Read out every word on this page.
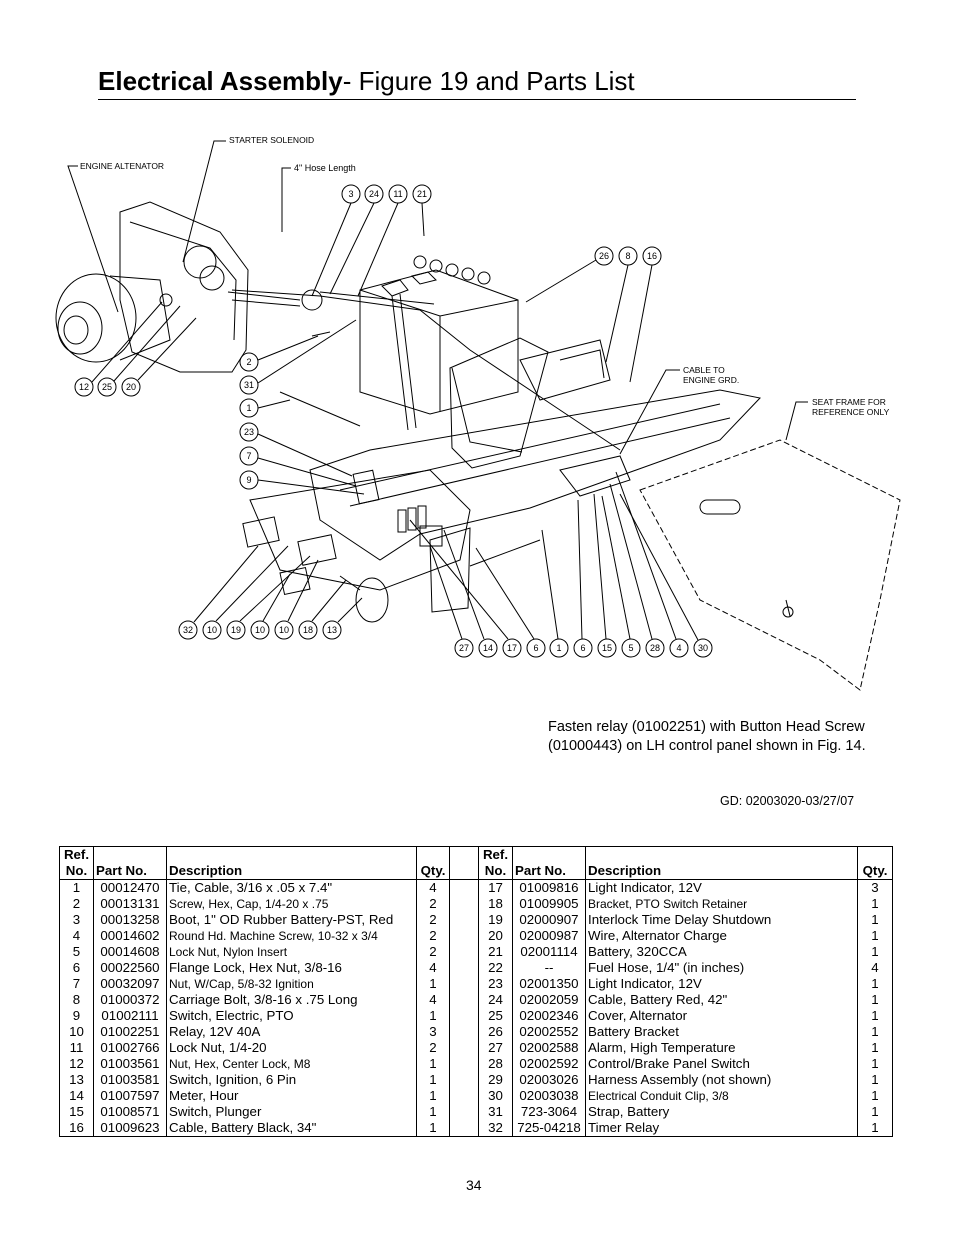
Electrical Assembly- Figure 19 and Parts List
ENGINE ALTENATOR
STARTER SOLENOID
4" Hose Length
CABLE TO
ENGINE GRD.
SEAT FRAME FOR
REFERENCE ONLY
3 24 11 21
26 8 16
2
31
1
23
7
9
12 25 20
32 10 19 10 10 18 13
27 14 17 6 1 6 15 5 28 4 30
Fasten relay (01002251) with Button Head Screw
(01000443) on LH control panel shown in Fig. 14.
GD: 02003020-03/27/07
Ref.
No.	Part No.	Description	Qty.		Ref.
No.	Part No.	Description	Qty.
1	00012470	Tie, Cable, 3/16 x .05 x 7.4"	4		17	01009816	Light Indicator, 12V	3
2	00013131	Screw, Hex, Cap, 1/4-20 x .75	2		18	01009905	Bracket, PTO Switch Retainer	1
3	00013258	Boot, 1" OD Rubber Battery-PST, Red	2		19	02000907	Interlock Time Delay Shutdown	1
4	00014602	Round Hd. Machine Screw, 10-32 x 3/4	2		20	02000987	Wire, Alternator Charge	1
5	00014608	Lock Nut, Nylon Insert	2		21	02001114	Battery, 320CCA	1
6	00022560	Flange Lock, Hex Nut, 3/8-16	4		22	--	Fuel Hose, 1/4" (in inches)	4
7	00032097	Nut, W/Cap, 5/8-32 Ignition	1		23	02001350	Light Indicator, 12V	1
8	01000372	Carriage Bolt, 3/8-16 x .75 Long	4		24	02002059	Cable, Battery Red, 42"	1
9	01002111	Switch, Electric, PTO	1		25	02002346	Cover, Alternator	1
10	01002251	Relay, 12V 40A	3		26	02002552	Battery Bracket	1
11	01002766	Lock Nut, 1/4-20	2		27	02002588	Alarm, High Temperature	1
12	01003561	Nut, Hex, Center Lock, M8	1		28	02002592	Control/Brake Panel Switch	1
13	01003581	Switch, Ignition, 6 Pin	1		29	02003026	Harness Assembly (not shown)	1
14	01007597	Meter, Hour	1		30	02003038	Electrical Conduit Clip, 3/8	1
15	01008571	Switch, Plunger	1		31	723-3064	Strap, Battery	1
16	01009623	Cable, Battery Black, 34"	1		32	725-04218	Timer Relay	1
34
